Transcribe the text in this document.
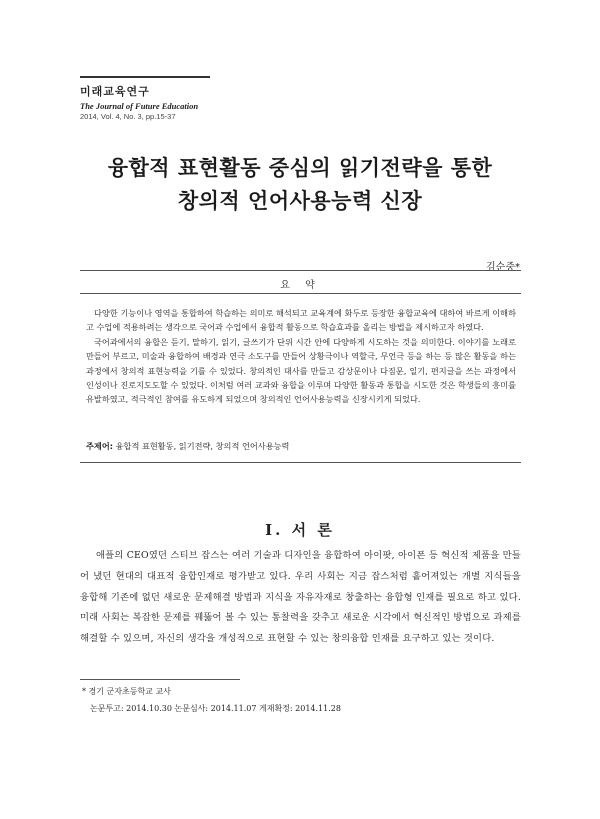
미래교육연구
The Journal of Future Education
2014, Vol. 4, No. 3, pp.15-37
융합적 표현활동 중심의 읽기전략을 통한
창의적 언어사용능력 신장
김순중*
요 약

다양한 기능이나 영역을 통합하여 학습하는 의미로 해석되고 교육계에 화두로 등장한 융합교육에 대하여 바르게 이해하고 수업에 적용하려는 생각으로 국어과 수업에서 융합적 활동으로 학습효과를 올리는 방법을 제시하고자 하였다.

국어과에서의 융합은 듣기, 말하기, 읽기, 글쓰기가 단위 시간 안에 다양하게 시도하는 것을 의미한다. 이야기를 노래로 만들어 부르고, 미술과 융합하여 배경과 연극 소도구를 만들어 상황극이나 역할극, 무언극 등을 하는 등 많은 활동을 하는 과정에서 창의적 표현능력을 기를 수 있었다. 창의적인 대사를 만들고 감상문이나 다짐문, 일기, 편지글을 쓰는 과정에서 인성이나 진로지도도할 수 있었다. 이처럼 여러 교과와 융합을 이루며 다양한 활동과 통합을 시도한 것은 학생들의 흥미를 유발하였고, 적극적인 참여를 유도하게 되었으며 창의적인 언어사용능력을 신장시키게 되었다.

주제어: 융합적 표현활동, 읽기전략, 창의적 언어사용능력
I. 서 론

애플의 CEO였던 스티브 잡스는 여러 기술과 디자인을 융합하여 아이팟, 아이폰 등 혁신적 제품을 만들어 냈던 현대의 대표적 융합인재로 평가받고 있다. 우리 사회는 지금 잡스처럼 흩어져있는 개별 지식들을 융합해 기존에 없던 새로운 문제해결 방법과 지식을 자유자재로 창출하는 융합형 인재를 필요로 하고 있다. 미래 사회는 복잡한 문제를 꿰뚫어 볼 수 있는 통찰력을 갖추고 새로운 시각에서 혁신적인 방법으로 과제를 해결할 수 있으며, 자신의 생각을 개성적으로 표현할 수 있는 창의융합 인재를 요구하고 있는 것이다.

* 경기 군자초등학교 교사
논문투고: 2014.10.30 논문심사: 2014.11.07 게재확정: 2014.11.28
